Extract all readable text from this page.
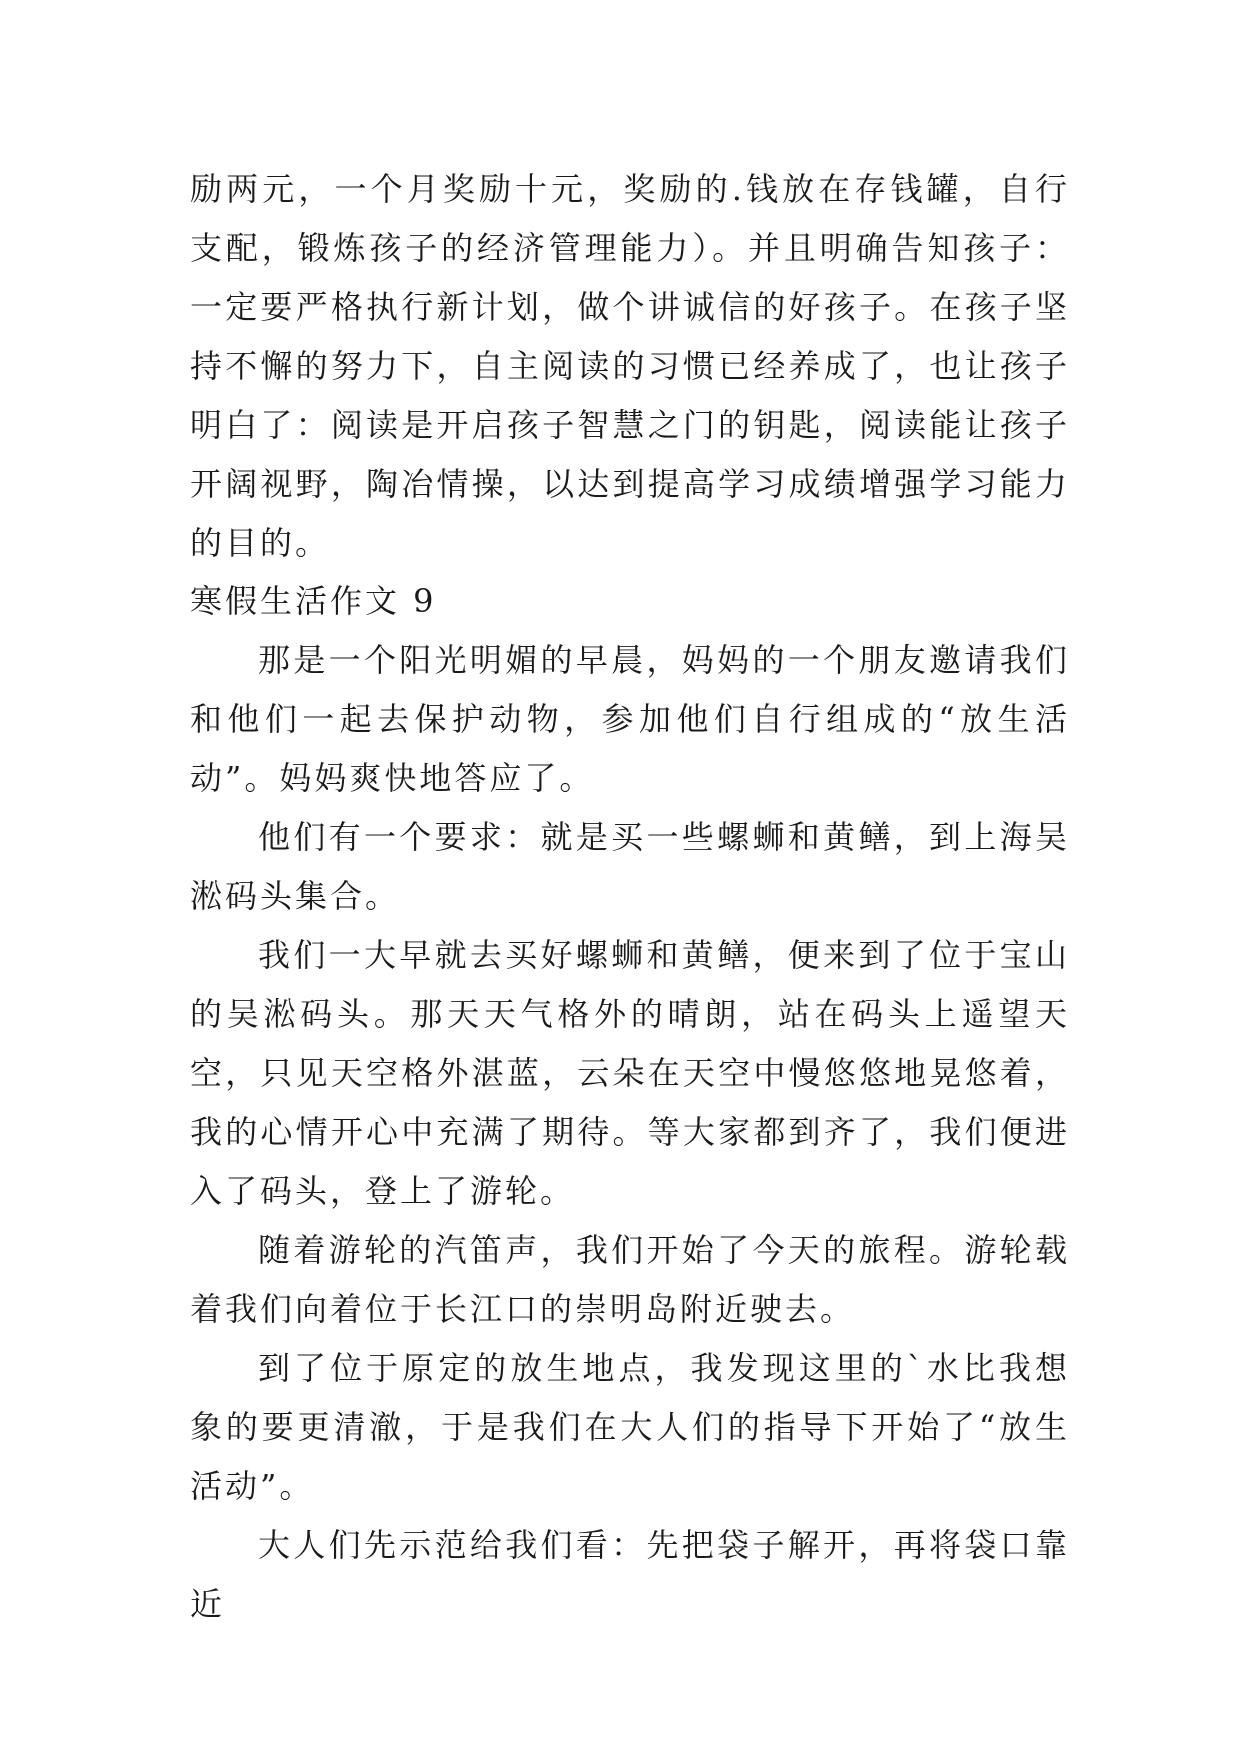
励两元，一个月奖励十元，奖励的.钱放在存钱罐，自行支配，锻炼孩子的经济管理能力）。并且明确告知孩子：一定要严格执行新计划，做个讲诚信的好孩子。在孩子坚持不懈的努力下，自主阅读的习惯已经养成了，也让孩子明白了：阅读是开启孩子智慧之门的钥匙，阅读能让孩子开阔视野，陶冶情操，以达到提高学习成绩增强学习能力的目的。

寒假生活作文 9

那是一个阳光明媚的早晨，妈妈的一个朋友邀请我们和他们一起去保护动物，参加他们自行组成的“放生活动”。妈妈爽快地答应了。

他们有一个要求：就是买一些螺蛳和黄鳝，到上海吴淞码头集合。

我们一大早就去买好螺蛳和黄鳝，便来到了位于宝山的吴淞码头。那天天气格外的晴朗，站在码头上遥望天空，只见天空格外湛蓝，云朵在天空中慢悠悠地晃悠着，我的心情开心中充满了期待。等大家都到齐了，我们便进入了码头，登上了游轮。

随着游轮的汽笛声，我们开始了今天的旅程。游轮载着我们向着位于长江口的崇明岛附近驶去。

到了位于原定的放生地点，我发现这里的`水比我想象的要更清澈，于是我们在大人们的指导下开始了“放生活动”。

大人们先示范给我们看：先把袋子解开，再将袋口靠近
